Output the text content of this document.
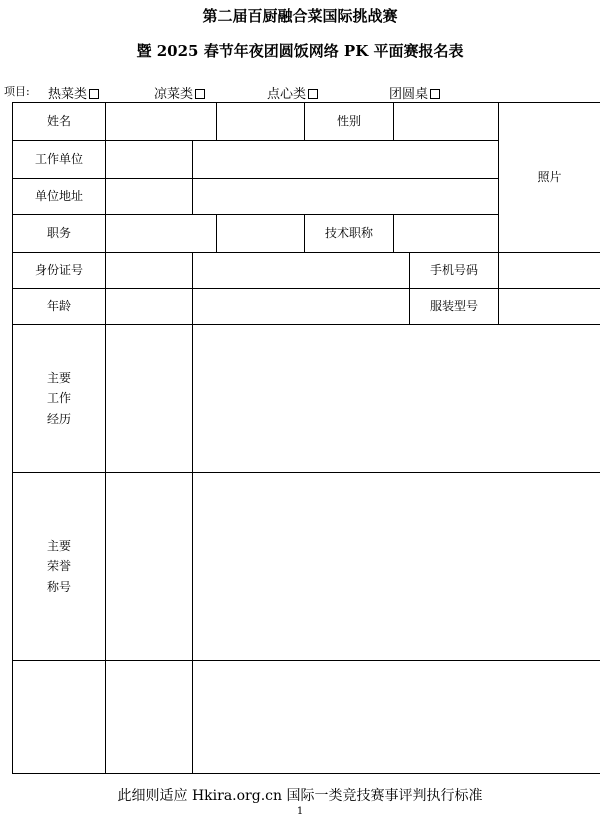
第二届百厨融合菜国际挑战赛
暨 2025 春节年夜团圆饭网络 PK 平面赛报名表
项目: 热菜类	凉菜类	点心类	团圆桌
姓名				性别			照片
工作单位							
单位地址							
职务				技术职称			
身份证号						手机号码	
年龄						服装型号	
主要
工作
经历							
主要
荣誉
称号							

此细则适应 Hkira.org.cn 国际一类竞技赛事评判执行标准
1
